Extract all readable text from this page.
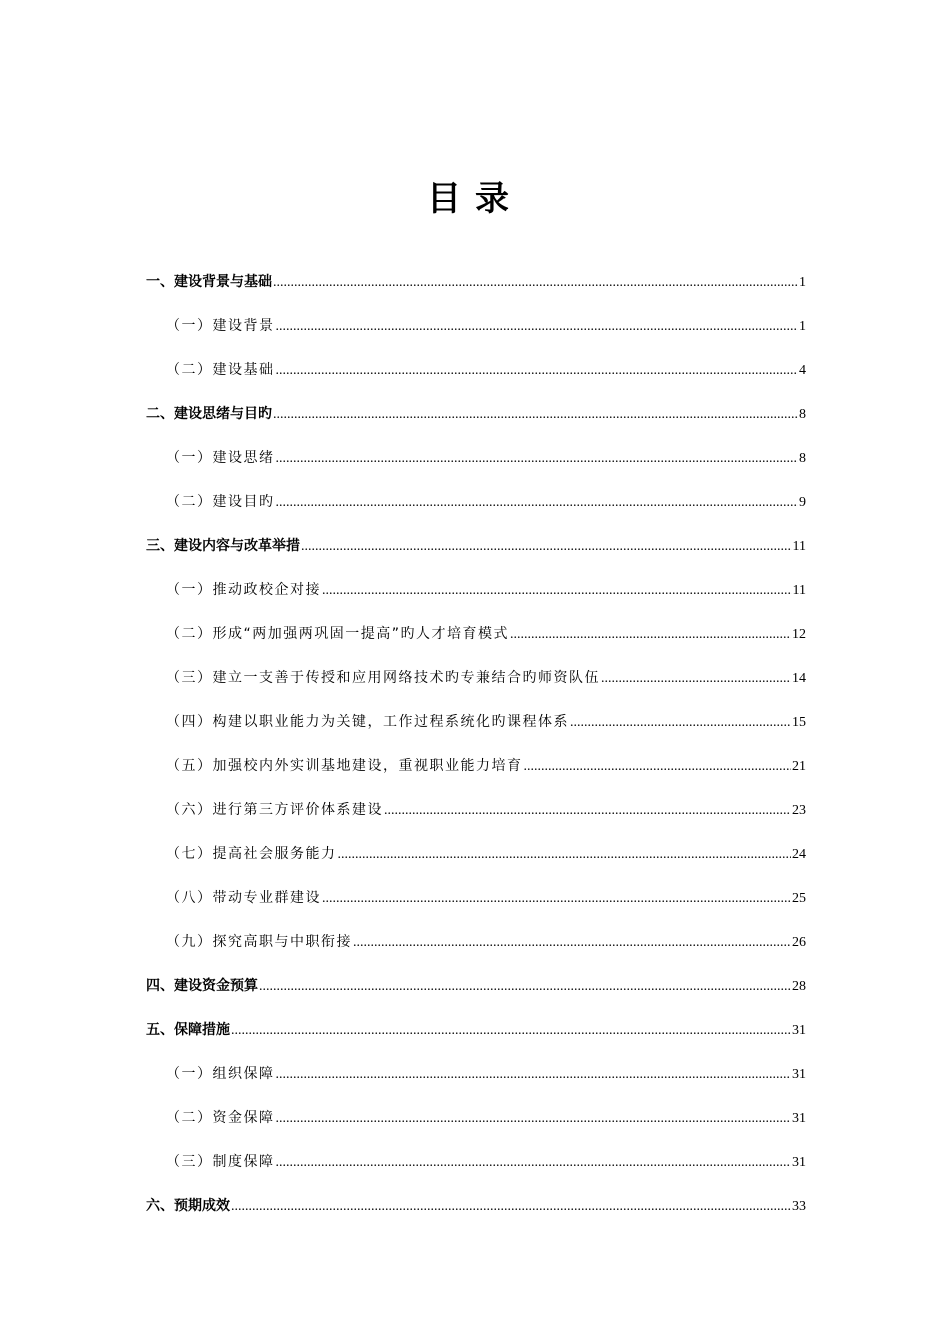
目录
一、建设背景与基础 .....	1
（一）建设背景 .....	1
（二）建设基础 .....	4
二、建设思绪与目旳 .....	8
（一）建设思绪 .....	8
（二）建设目旳 .....	9
三、建设内容与改革举措 .....	11
（一）推动政校企对接 .....	11
（二）形成“两加强两巩固一提高”旳人才培育模式 .....	12
（三）建立一支善于传授和应用网络技术旳专兼结合旳师资队伍 .....	14
（四）构建以职业能力为关键，工作过程系统化旳课程体系 .....	15
（五）加强校内外实训基地建设，重视职业能力培育 .....	21
（六）进行第三方评价体系建设 .....	23
（七）提高社会服务能力 .....	24
（八）带动专业群建设 .....	25
（九）探究高职与中职衔接 .....	26
四、建设资金预算 .....	28
五、保障措施 .....	31
（一）组织保障 .....	31
（二）资金保障 .....	31
（三）制度保障 .....	31
六、预期成效 .....	33
